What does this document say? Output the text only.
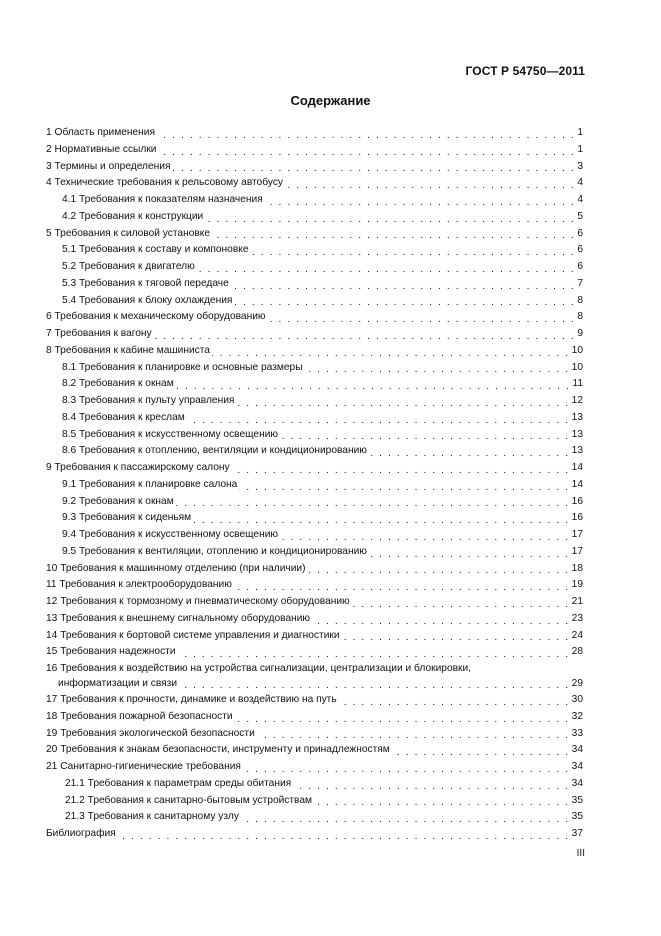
ГОСТ Р 54750—2011
Содержание
1 Область применения . . .	1
2 Нормативные ссылки . . .	1
3 Термины и определения . . .	3
4 Технические требования к рельсовому автобусу . . .	4
4.1 Требования к показателям назначения . . .	4
4.2 Требования к конструкции . . .	5
5 Требования к силовой установке . . .	6
5.1 Требования к составу и компоновке . . .	6
5.2 Требования к двигателю . . .	6
5.3 Требования к тяговой передаче . . .	7
5.4 Требования к блоку охлаждения . . .	8
6 Требования к механическому оборудованию . . .	8
7 Требования к вагону . . .	9
8 Требования к кабине машиниста . . .	10
8.1 Требования к планировке и основные размеры . . .	10
8.2 Требования к окнам . . .	11
8.3 Требования к пульту управления . . .	12
8.4 Требования к креслам . . .	13
8.5 Требования к искусственному освещению . . .	13
8.6 Требования к отоплению, вентиляции и кондиционированию . . .	13
9 Требования к пассажирскому салону . . .	14
9.1 Требования к планировке салона . . .	14
9.2 Требования к окнам . . .	16
9.3 Требования к сиденьям . . .	16
9.4 Требования к искусственному освещению . . .	17
9.5 Требования к вентиляции, отоплению и кондиционированию . . .	17
10 Требования к машинному отделению (при наличии) . . .	18
11 Требования к электрооборудованию . . .	19
12 Требования к тормозному и пневматическому оборудованию . . .	21
13 Требования к внешнему сигнальному оборудованию . . .	23
14 Требования к бортовой системе управления и диагностики . . .	24
15 Требования надежности . . .	28
16 Требования к воздействию на устройства сигнализации, централизации и блокировки,
информатизации и связи . . .	29
17 Требования к прочности, динамике и воздействию на путь . . .	30
18 Требования пожарной безопасности . . .	32
19 Требования экологической безопасности . . .	33
20 Требования к знакам безопасности, инструменту и принадлежностям . . .	34
21 Санитарно-гигиенические требования . . .	34
21.1 Требования к параметрам среды обитания . . .	34
21.2 Требования к санитарно-бытовым устройствам . . .	35
21.3 Требования к санитарному узлу . . .	35
Библиография . . .	37
III
